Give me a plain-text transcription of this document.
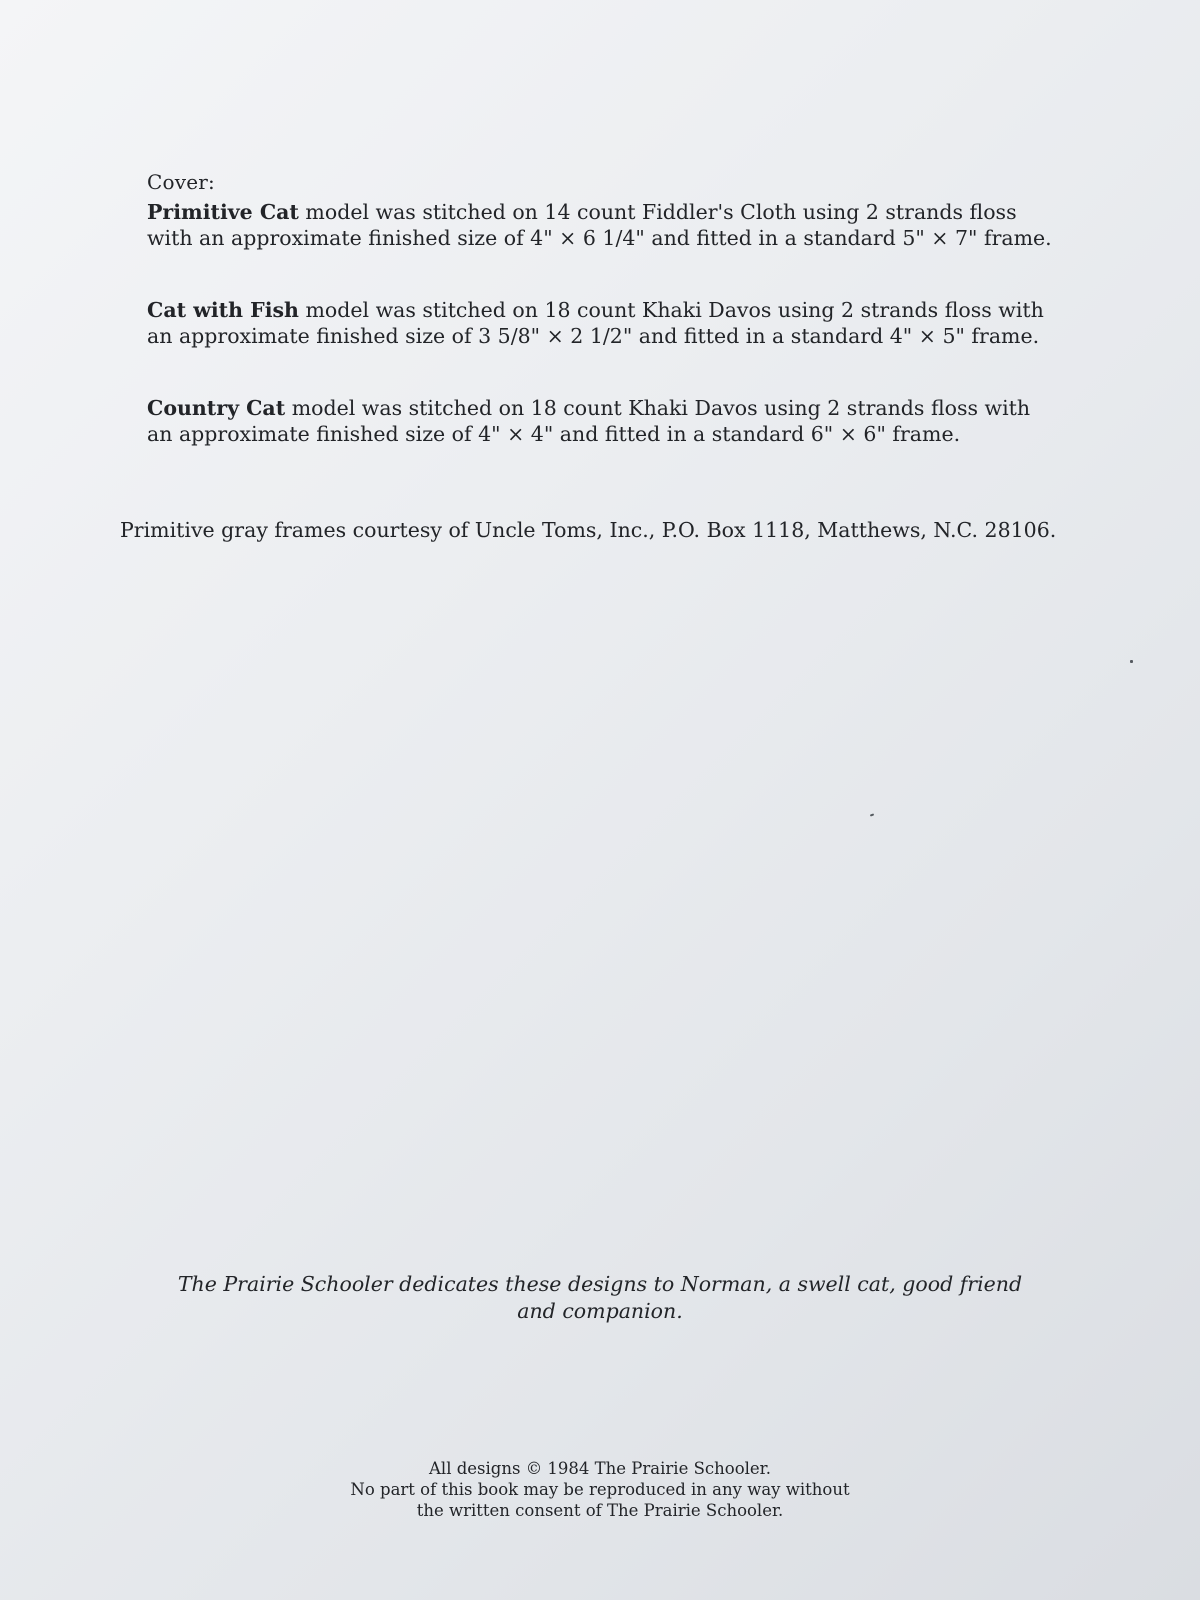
Cover:
Primitive Cat model was stitched on 14 count Fiddler's Cloth using 2 strands floss
with an approximate finished size of 4" × 6 1/4" and fitted in a standard 5" × 7" frame.
Cat with Fish model was stitched on 18 count Khaki Davos using 2 strands floss with
an approximate finished size of 3 5/8" × 2 1/2" and fitted in a standard 4" × 5" frame.
Country Cat model was stitched on 18 count Khaki Davos using 2 strands floss with
an approximate finished size of 4" × 4" and fitted in a standard 6" × 6" frame.
Primitive gray frames courtesy of Uncle Toms, Inc., P.O. Box 1118, Matthews, N.C. 28106.
The Prairie Schooler dedicates these designs to Norman, a swell cat, good friend
and companion.
All designs © 1984 The Prairie Schooler.
No part of this book may be reproduced in any way without
the written consent of The Prairie Schooler.
